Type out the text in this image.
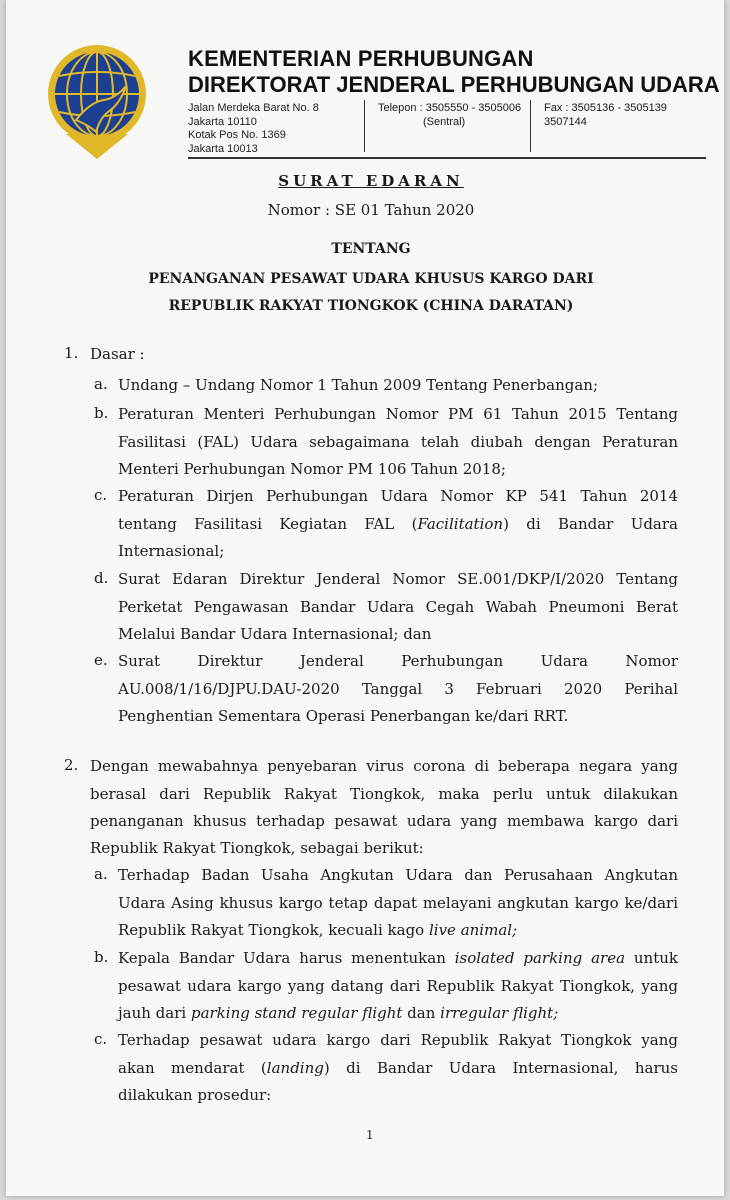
KEMENTERIAN PERHUBUNGAN
DIREKTORAT JENDERAL PERHUBUNGAN UDARA
Jalan Merdeka Barat No. 8
Jakarta 10110
Kotak Pos No. 1369
Jakarta 10013
Telepon : 3505550 - 3505006
(Sentral)
Fax : 3505136 - 3505139
3507144
SURAT EDARAN
Nomor : SE 01 Tahun 2020
TENTANG
PENANGANAN PESAWAT UDARA KHUSUS KARGO DARI
REPUBLIK RAKYAT TIONGKOK (CHINA DARATAN)
1. Dasar :
a. Undang – Undang Nomor 1 Tahun 2009 Tentang Penerbangan;
b. Peraturan Menteri Perhubungan Nomor PM 61 Tahun 2015 Tentang
Fasilitasi (FAL) Udara sebagaimana telah diubah dengan Peraturan
Menteri Perhubungan Nomor PM 106 Tahun 2018;
c. Peraturan Dirjen Perhubungan Udara Nomor KP 541 Tahun 2014
tentang Fasilitasi Kegiatan FAL (Facilitation) di Bandar Udara
Internasional;
d. Surat Edaran Direktur Jenderal Nomor SE.001/DKP/I/2020 Tentang
Perketat Pengawasan Bandar Udara Cegah Wabah Pneumoni Berat
Melalui Bandar Udara Internasional; dan
e. Surat Direktur Jenderal Perhubungan Udara Nomor
AU.008/1/16/DJPU.DAU-2020 Tanggal 3 Februari 2020 Perihal
Penghentian Sementara Operasi Penerbangan ke/dari RRT.
2. Dengan mewabahnya penyebaran virus corona di beberapa negara yang
berasal dari Republik Rakyat Tiongkok, maka perlu untuk dilakukan
penanganan khusus terhadap pesawat udara yang membawa kargo dari
Republik Rakyat Tiongkok, sebagai berikut:
a. Terhadap Badan Usaha Angkutan Udara dan Perusahaan Angkutan
Udara Asing khusus kargo tetap dapat melayani angkutan kargo ke/dari
Republik Rakyat Tiongkok, kecuali kago live animal;
b. Kepala Bandar Udara harus menentukan isolated parking area untuk
pesawat udara kargo yang datang dari Republik Rakyat Tiongkok, yang
jauh dari parking stand regular flight dan irregular flight;
c. Terhadap pesawat udara kargo dari Republik Rakyat Tiongkok yang
akan mendarat (landing) di Bandar Udara Internasional, harus
dilakukan prosedur:
1
